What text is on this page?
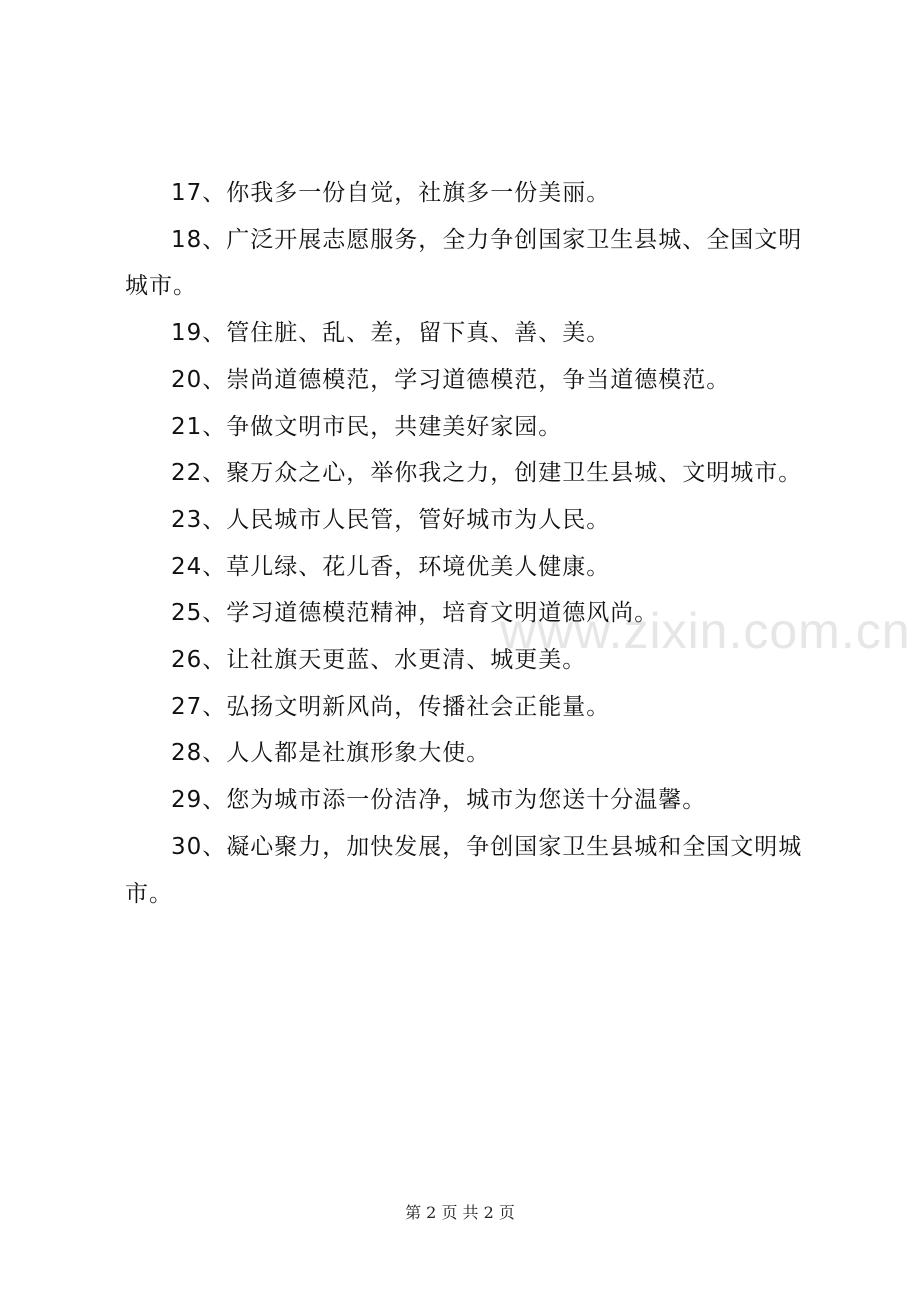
www.zixin.com.cn

17、你我多一份自觉，社旗多一份美丽。

18、广泛开展志愿服务，全力争创国家卫生县城、全国文明城市。

19、管住脏、乱、差，留下真、善、美。

20、崇尚道德模范，学习道德模范，争当道德模范。

21、争做文明市民，共建美好家园。

22、聚万众之心，举你我之力，创建卫生县城、文明城市。

23、人民城市人民管，管好城市为人民。

24、草儿绿、花儿香，环境优美人健康。

25、学习道德模范精神，培育文明道德风尚。

26、让社旗天更蓝、水更清、城更美。

27、弘扬文明新风尚，传播社会正能量。

28、人人都是社旗形象大使。

29、您为城市添一份洁净，城市为您送十分温馨。

30、凝心聚力，加快发展，争创国家卫生县城和全国文明城市。

第 2 页 共 2 页
